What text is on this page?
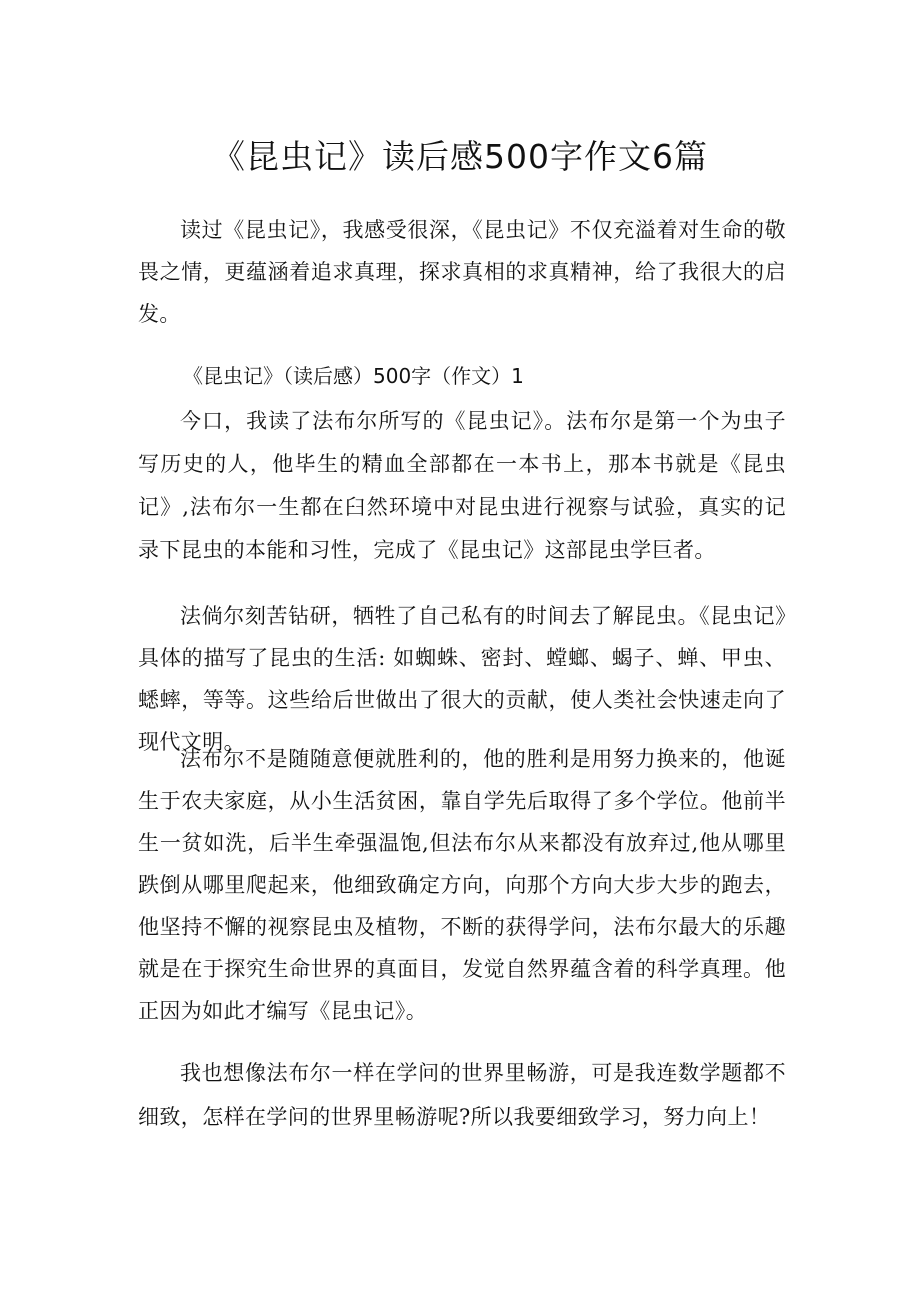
《昆虫记》读后感500字作文6篇

读过《昆虫记》，我感受很深，《昆虫记》不仅充溢着对生命的敬畏之情，更蕴涵着追求真理，探求真相的求真精神，给了我很大的启发。

《昆虫记》（读后感）500字（作文）1

今口，我读了法布尔所写的《昆虫记》。法布尔是第一个为虫子写历史的人，他毕生的精血全部都在一本书上，那本书就是《昆虫记》,法布尔一生都在臼然环境中对昆虫进行视察与试验，真实的记录下昆虫的本能和习性，完成了《昆虫记》这部昆虫学巨者。

法倘尔刻苦钻研，牺牲了自己私有的时间去了解昆虫。《昆虫记》具体的描写了昆虫的生活: 如蜘蛛、密封、螳螂、蝎子、蝉、甲虫、蟋蟀，等等。这些给后世做出了很大的贡献，使人类社会快速走向了现代文明。

法布尔不是随随意便就胜利的，他的胜利是用努力换来的，他诞生于农夫家庭，从小生活贫困，靠自学先后取得了多个学位。他前半生一贫如洗，后半生牵强温饱,但法布尔从来都没有放弃过,他从哪里跌倒从哪里爬起来，他细致确定方向，向那个方向大步大步的跑去，他坚持不懈的视察昆虫及植物，不断的获得学问，法布尔最大的乐趣就是在于探究生命世界的真面目，发觉自然界蕴含着的科学真理。他正因为如此才编写《昆虫记》。

我也想像法布尔一样在学问的世界里畅游，可是我连数学题都不细致，怎样在学问的世界里畅游呢?所以我要细致学习，努力向上！
